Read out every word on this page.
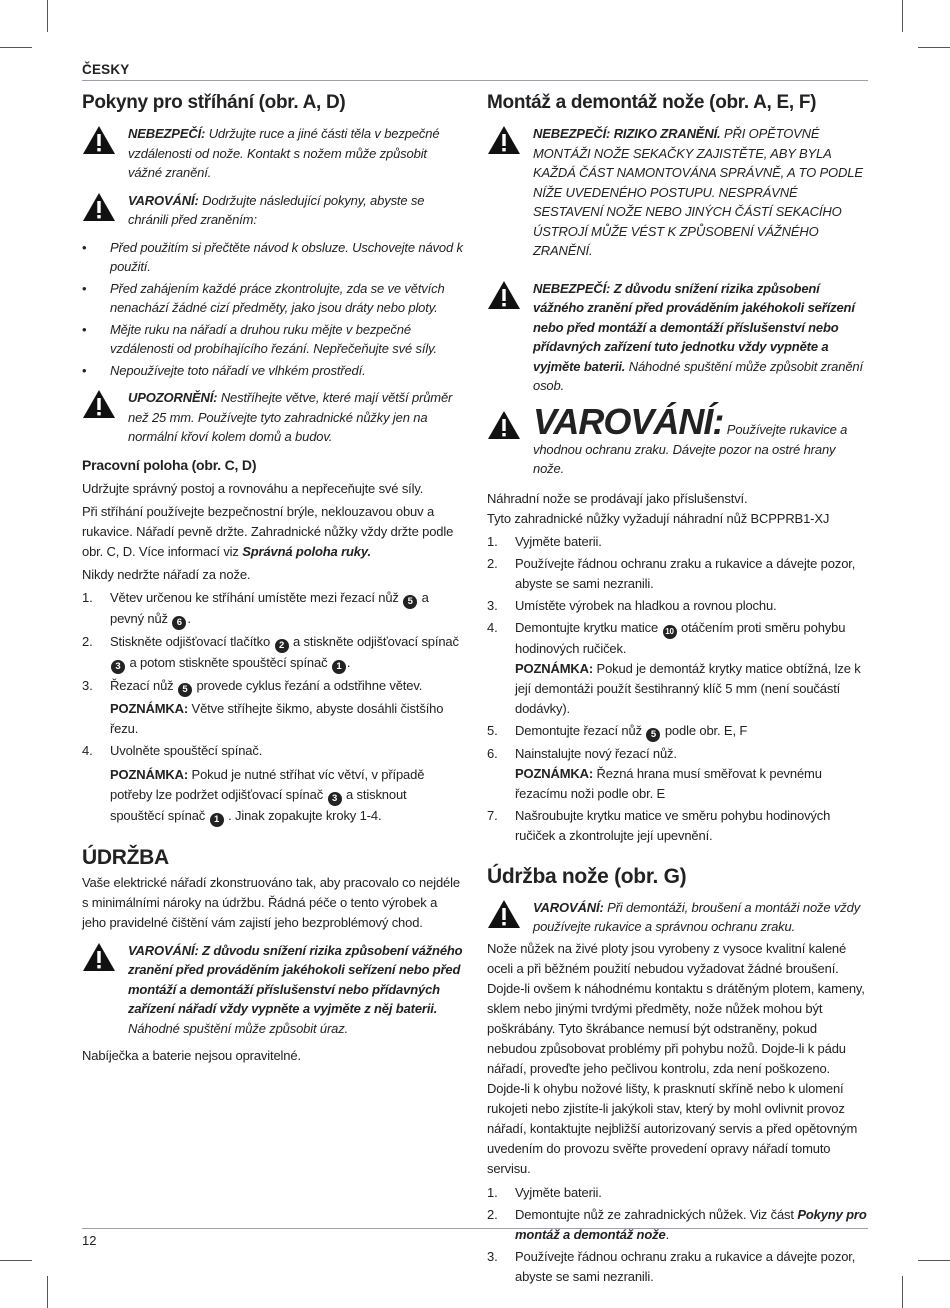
ČESKY
Pokyny pro stříhání (obr. A, D)
NEBEZPEČÍ: Udržujte ruce a jiné části těla v bezpečné vzdálenosti od nože. Kontakt s nožem může způsobit vážné zranění.
VAROVÁNÍ: Dodržujte následující pokyny, abyste se chránili před zraněním:
• Před použitím si přečtěte návod k obsluze. Uschovejte návod k použití.
• Před zahájením každé práce zkontrolujte, zda se ve větvích nenachází žádné cizí předměty, jako jsou dráty nebo ploty.
• Mějte ruku na nářadí a druhou ruku mějte v bezpečné vzdálenosti od probíhajícího řezání. Nepřečeňujte své síly.
• Nepoužívejte toto nářadí ve vlhkém prostředí.
UPOZORNĚNÍ: Nestříhejte větve, které mají větší průměr než 25 mm. Používejte tyto zahradnické nůžky jen na normální křoví kolem domů a budov.
Pracovní poloha (obr. C, D)
Udržujte správný postoj a rovnováhu a nepřeceňujte své síly.
Při stříhání používejte bezpečnostní brýle, neklouzavou obuv a rukavice. Nářadí pevně držte. Zahradnické nůžky vždy držte podle obr. C, D. Více informací viz Správná poloha ruky.
Nikdy nedržte nářadí za nože.
1. Větev určenou ke stříhání umístěte mezi řezací nůž 5 a pevný nůž 6 .
2. Stiskněte odjišťovací tlačítko 2 a stiskněte odjišťovací spínač 3 a potom stiskněte spouštěcí spínač 1 .
3. Řezací nůž 5 provede cyklus řezání a odstřihne větev.
POZNÁMKA: Větve stříhejte šikmo, abyste dosáhli čistšího řezu.
4. Uvolněte spouštěcí spínač.
POZNÁMKA: Pokud je nutné stříhat víc větví, v případě potřeby lze podržet odjišťovací spínač 3 a stisknout spouštěcí spínač 1 . Jinak zopakujte kroky 1-4.
ÚDRŽBA
Vaše elektrické nářadí zkonstruováno tak, aby pracovalo co nejdéle s minimálními nároky na údržbu. Řádná péče o tento výrobek a jeho pravidelné čištění vám zajistí jeho bezproblémový chod.
VAROVÁNÍ: Z důvodu snížení rizika způsobení vážného zranění před prováděním jakéhokoli seřízení nebo před montáží a demontáží příslušenství nebo přídavných zařízení nářadí vždy vypněte a vyjměte z něj baterii. Náhodné spuštění může způsobit úraz.
Nabíječka a baterie nejsou opravitelné.
Montáž a demontáž nože (obr. A, E, F)
NEBEZPEČÍ: RIZIKO ZRANĚNÍ. PŘI OPĚTOVNÉ MONTÁŽI NOŽE SEKAČKY ZAJISTĚTE, ABY BYLA KAŽDÁ ČÁST NAMONTOVÁNA SPRÁVNĚ, A TO PODLE NÍŽE UVEDENÉHO POSTUPU. NESPRÁVNÉ SESTAVENÍ NOŽE NEBO JINÝCH ČÁSTÍ SEKACÍHO ÚSTROJÍ MŮŽE VÉST K ZPŮSOBENÍ VÁŽNÉHO ZRANĚNÍ.
NEBEZPEČÍ: Z důvodu snížení rizika způsobení vážného zranění před prováděním jakéhokoli seřízení nebo před montáží a demontáží příslušenství nebo přídavných zařízení tuto jednotku vždy vypněte a vyjměte baterii. Náhodné spuštění může způsobit zranění osob.
VAROVÁNÍ: Používejte rukavice a vhodnou ochranu zraku. Dávejte pozor na ostré hrany nože.
Náhradní nože se prodávají jako příslušenství.
Tyto zahradnické nůžky vyžadují náhradní nůž BCPPRB1-XJ
1. Vyjměte baterii.
2. Používejte řádnou ochranu zraku a rukavice a dávejte pozor, abyste se sami nezranili.
3. Umístěte výrobek na hladkou a rovnou plochu.
4. Demontujte krytku matice 10 otáčením proti směru pohybu hodinových ručiček.
POZNÁMKA: Pokud je demontáž krytky matice obtížná, lze k její demontáži použít šestihranný klíč 5 mm (není součástí dodávky).
5. Demontujte řezací nůž 5 podle obr. E, F
6. Nainstalujte nový řezací nůž.
POZNÁMKA: Řezná hrana musí směřovat k pevnému řezacímu noži podle obr. E
7. Našroubujte krytku matice ve směru pohybu hodinových ručiček a zkontrolujte její upevnění.
Údržba nože (obr. G)
VAROVÁNÍ: Při demontáži, broušení a montáži nože vždy používejte rukavice a správnou ochranu zraku.
Nože nůžek na živé ploty jsou vyrobeny z vysoce kvalitní kalené oceli a při běžném použití nebudou vyžadovat žádné broušení. Dojde-li ovšem k náhodnému kontaktu s drátěným plotem, kameny, sklem nebo jinými tvrdými předměty, nože nůžek mohou být poškrábány. Tyto škrábance nemusí být odstraněny, pokud nebudou způsobovat problémy při pohybu nožů. Dojde-li k pádu nářadí, proveďte jeho pečlivou kontrolu, zda není poškozeno. Dojde-li k ohybu nožové lišty, k prasknutí skříně nebo k ulomení rukojeti nebo zjistíte-li jakýkoli stav, který by mohl ovlivnit provoz nářadí, kontaktujte nejbližší autorizovaný servis a před opětovným uvedením do provozu svěřte provedení opravy nářadí tomuto servisu.
1. Vyjměte baterii.
2. Demontujte nůž ze zahradnických nůžek. Viz část Pokyny pro montáž a demontáž nože.
3. Používejte řádnou ochranu zraku a rukavice a dávejte pozor, abyste se sami nezranili.
12
